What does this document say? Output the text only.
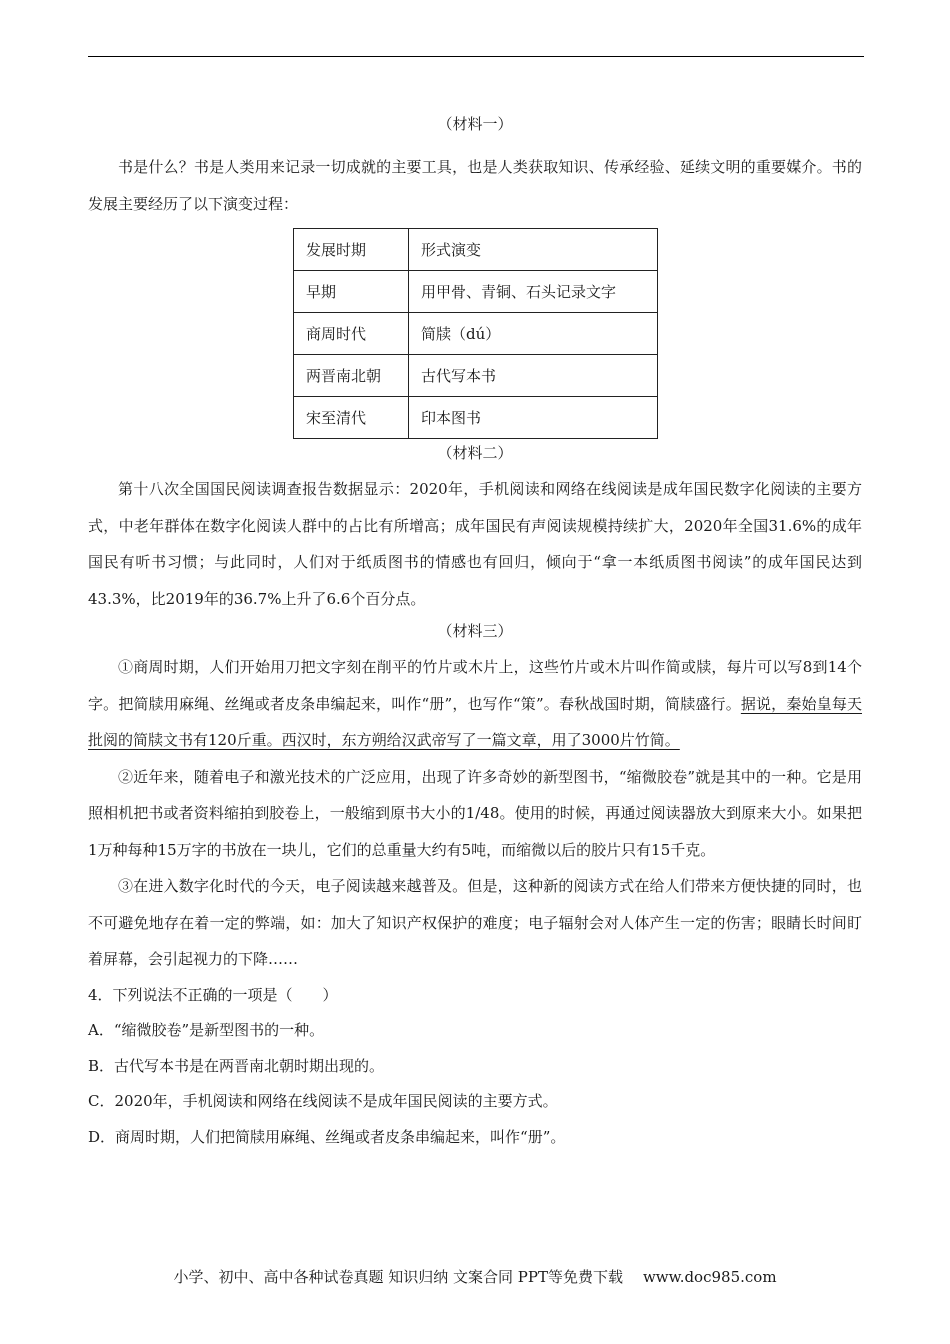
（材料一）

书是什么？书是人类用来记录一切成就的主要工具，也是人类获取知识、传承经验、延续文明的重要媒介。书的发展主要经历了以下演变过程：

发展时期	形式演变
早期	用甲骨、青铜、石头记录文字
商周时代	简牍（dú）
两晋南北朝	古代写本书
宋至清代	印本图书

（材料二）

第十八次全国国民阅读调查报告数据显示：2020年，手机阅读和网络在线阅读是成年国民数字化阅读的主要方式，中老年群体在数字化阅读人群中的占比有所增高；成年国民有声阅读规模持续扩大，2020年全国31.6%的成年国民有听书习惯；与此同时，人们对于纸质图书的情感也有回归，倾向于“拿一本纸质图书阅读”的成年国民达到43.3%，比2019年的36.7%上升了6.6个百分点。

（材料三）

①商周时期，人们开始用刀把文字刻在削平的竹片或木片上，这些竹片或木片叫作简或牍，每片可以写8到14个字。把简牍用麻绳、丝绳或者皮条串编起来，叫作“册”，也写作“策”。春秋战国时期，简牍盛行。据说，秦始皇每天批阅的简牍文书有120斤重。西汉时，东方朔给汉武帝写了一篇文章，用了3000片竹简。

②近年来，随着电子和激光技术的广泛应用，出现了许多奇妙的新型图书，“缩微胶卷”就是其中的一种。它是用照相机把书或者资料缩拍到胶卷上，一般缩到原书大小的1/48。使用的时候，再通过阅读器放大到原来大小。如果把1万种每种15万字的书放在一块儿，它们的总重量大约有5吨，而缩微以后的胶片只有15千克。

③在进入数字化时代的今天，电子阅读越来越普及。但是，这种新的阅读方式在给人们带来方便快捷的同时，也不可避免地存在着一定的弊端，如：加大了知识产权保护的难度；电子辐射会对人体产生一定的伤害；眼睛长时间盯着屏幕，会引起视力的下降……

4．下列说法不正确的一项是（　　）

A．“缩微胶卷”是新型图书的一种。

B．古代写本书是在两晋南北朝时期出现的。

C．2020年，手机阅读和网络在线阅读不是成年国民阅读的主要方式。

D．商周时期，人们把简牍用麻绳、丝绳或者皮条串编起来，叫作“册”。

小学、初中、高中各种试卷真题 知识归纳 文案合同 PPT等免费下载 www.doc985.com
